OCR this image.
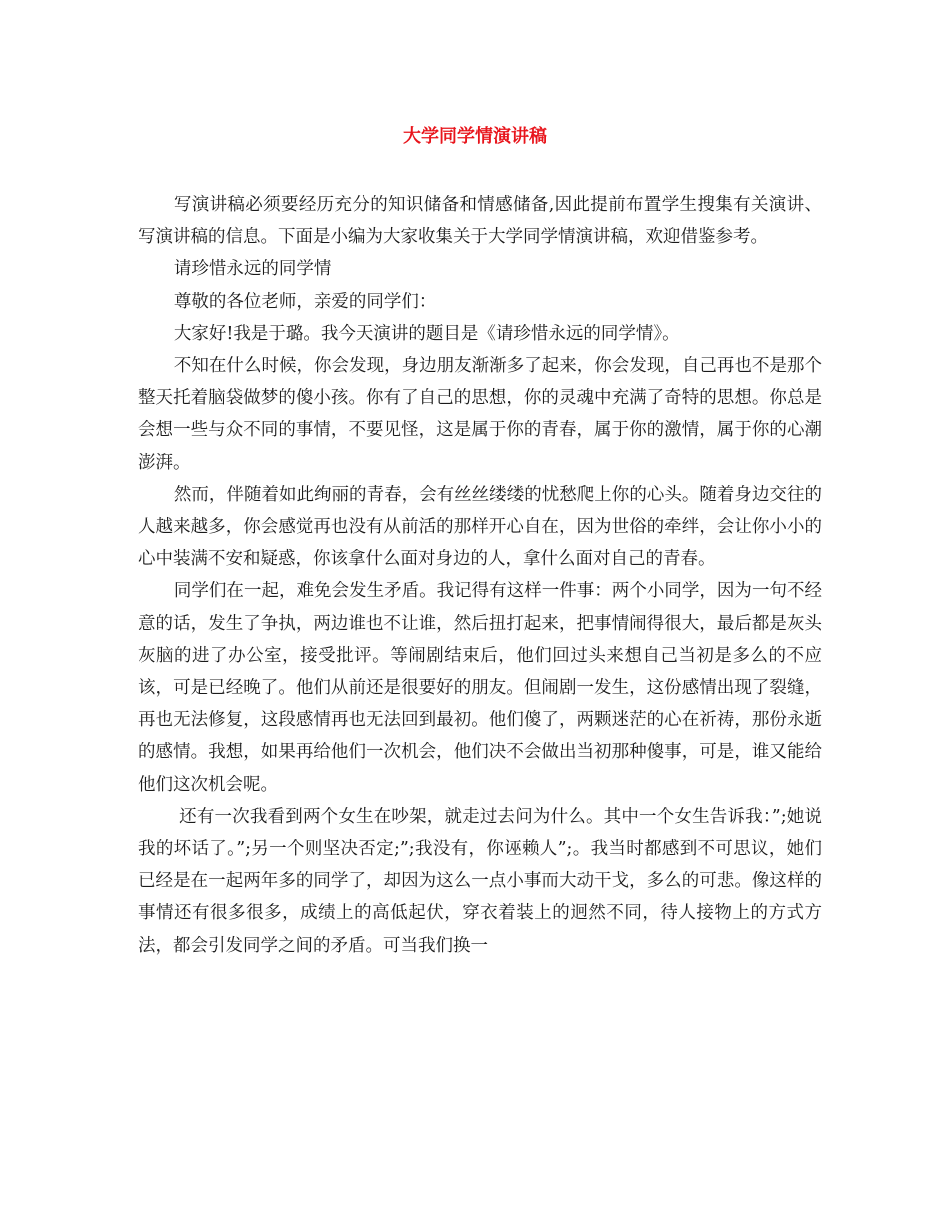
大学同学情演讲稿

写演讲稿必须要经历充分的知识储备和情感储备,因此提前布置学生搜集有关演讲、写演讲稿的信息。下面是小编为大家收集关于大学同学情演讲稿，欢迎借鉴参考。

请珍惜永远的同学情

尊敬的各位老师，亲爱的同学们：

大家好!我是于璐。我今天演讲的题目是《请珍惜永远的同学情》。

不知在什么时候，你会发现，身边朋友渐渐多了起来，你会发现，自己再也不是那个整天托着脑袋做梦的傻小孩。你有了自己的思想，你的灵魂中充满了奇特的思想。你总是会想一些与众不同的事情，不要见怪，这是属于你的青春，属于你的激情，属于你的心潮澎湃。

然而，伴随着如此绚丽的青春，会有丝丝缕缕的忧愁爬上你的心头。随着身边交往的人越来越多，你会感觉再也没有从前活的那样开心自在，因为世俗的牵绊，会让你小小的心中装满不安和疑惑，你该拿什么面对身边的人，拿什么面对自己的青春。

同学们在一起，难免会发生矛盾。我记得有这样一件事：两个小同学，因为一句不经意的话，发生了争执，两边谁也不让谁，然后扭打起来，把事情闹得很大，最后都是灰头灰脑的进了办公室，接受批评。等闹剧结束后，他们回过头来想自己当初是多么的不应该，可是已经晚了。他们从前还是很要好的朋友。但闹剧一发生，这份感情出现了裂缝，再也无法修复，这段感情再也无法回到最初。他们傻了，两颗迷茫的心在祈祷，那份永逝的感情。我想，如果再给他们一次机会，他们决不会做出当初那种傻事，可是，谁又能给他们这次机会呢。

还有一次我看到两个女生在吵架，就走过去问为什么。其中一个女生告诉我：”;她说我的坏话了。”;另一个则坚决否定;”;我没有，你诬赖人”;。我当时都感到不可思议，她们已经是在一起两年多的同学了，却因为这么一点小事而大动干戈，多么的可悲。像这样的事情还有很多很多，成绩上的高低起伏，穿衣着装上的迥然不同，待人接物上的方式方法，都会引发同学之间的矛盾。可当我们换一
